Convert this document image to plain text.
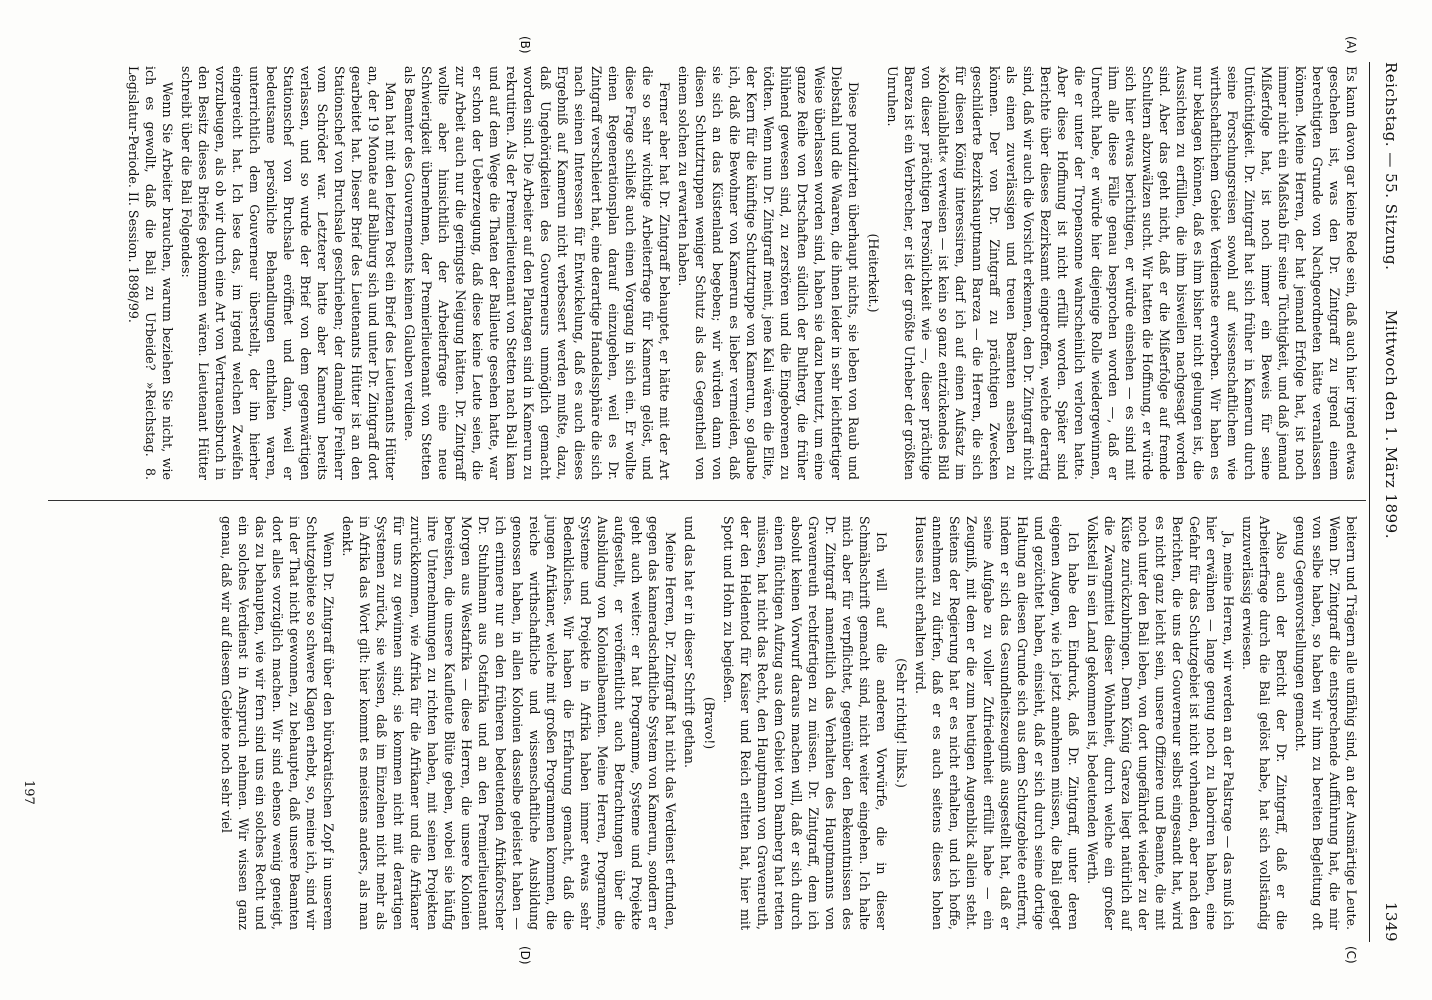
Reichstag. — 55. Sitzung.
Mittwoch den 1. März 1899.
1349
(A)
(B)
(C)
(D)

Es kann davon gar keine Rede sein, daß auch hier irgend etwas geschehen ist, was den Dr. Zintgraff zu irgend einem berechtigten Grunde von Nachgeordneten hätte veranlassen können. Meine Herren, der hat jemand Erfolge hat, ist noch immer nicht ein Maßstab für seine Tüchtigkeit, und daß jemand Mißerfolge hat, ist noch immer ein Beweis für seine Untüchtigkeit. Dr. Zintgraff hat sich früher in Kamerun durch seine Forschungsreisen sowohl auf wissenschaftlichem wie wirthschaftlichem Gebiet Verdienste erworben. Wir haben es nur beklagen können, daß es ihm bisher nicht gelungen ist, die Aussichten zu erfüllen, die ihm bisweilen nachgesagt worden sind. Aber das geht nicht, daß er die Mißerfolge auf fremde Schultern abzuwälzen sucht. Wir hatten die Hoffnung, er würde sich hier etwas berichtigen, er würde einsehen — es sind mit ihm alle diese Fälle genau besprochen worden —, daß er Unrecht habe, er würde hier diejenige Rolle wiedergewinnen, die er unter der Tropensonne wahrscheinlich verloren hatte. Aber diese Hoffnung ist nicht erfüllt worden. Später sind Berichte über dieses Bezirksamt eingetroffen, welche derartig sind, daß wir auch die Vorsicht erkennen, den Dr. Zintgraff nicht als einen zuverlässigen und treuen Beamten ansehen zu können. Der von Dr. Zintgraff zu prächtigen Zwecken geschilderte Bezirkshauptmann Bareza — die Herren, die sich für diesen König interessiren, darf ich auf einen Aufsatz im »Kolonialblatt« verweisen — ist kein so ganz entzückendes Bild von dieser prächtigen Persönlichkeit wie —, dieser prächtige Bareza ist ein Verbrecher, er ist der größte Urheber der größten Unruhen.

(Heiterkeit.)

Diese produzirten überhaupt nichts, sie leben von Raub und Diebstahl und die Waaren, die ihnen leider in sehr leichtfertiger Weise überlassen worden sind, haben sie dazu benutzt, um eine ganze Reihe von Drtschaften südlich der Bultherg, die früher blühend gewesen sind, zu zerstören und die Eingeborenen zu tödten. Wenn nun Dr. Zintgraff meint, jene Kali wären die Elite, der Kern für die künftige Schutztruppe von Kamerun, so glaube ich, daß die Bewohner von Kamerun es lieber vermeiden, daß sie sich an das Küstenland begeben; wir würden dann von diesen Schutztruppen weniger Schutz als das Gegentheil von einem solchen zu erwarten haben.

Ferner aber hat Dr. Zintgraff behauptet, er hätte mit der Art die so sehr wichtige Arbeiterfrage für Kamerun gelöst, und diese Frage schließt auch einen Vorgang in sich ein. Er wollte einen Regenerationsplan darauf einzugehen, weil es Dr. Zintgraff verschleiert hat, eine derartige Handelssphäre die sich nach seinen Interessen für Entwickelung, daß es auch dieses Ergebniß auf Kamerun nicht verbessert werden mußte, dazu, daß Ungehörigkeiten des Gouverneurs unmöglich gemacht worden sind. Die Arbeiter auf den Plantagen sind in Kamerun zu rekrutiren. Als der Premierlieutenant von Stetten nach Bali kam und auf dem Wege die Thaten der Balileute gesehen hatte, war er schon der Ueberzeugung, daß diese keine Leute seien, die zur Arbeit auch nur die geringste Neigung hätten. Dr. Zintgraff wollte aber hinsichtlich der Arbeiterfrage eine neue Schwierigkeit übernehmen, der Premierlieutenant von Stetten als Beamter des Gouvernements keinen Glauben verdiene.

Man hat mit den letzten Post ein Brief des Lieutenants Hütter an, der 19 Monate auf Baliburg sich und unter Dr. Zintgraff dort gearbeitet hat. Dieser Brief des Lieutenants Hütter ist an den Stationschef von Bruchsale geschrieben; der damalige Freiherr vom Schröder war. Letzterer hatte aber Kamerun bereits verlassen, und so wurde der Brief von dem gegenwärtigen Stationschef von Bruchsale eröffnet und dann, weil er bedeutsame persönliche Behandlungen enthalten waren, unterrichtlich dem Gouverneur überstellt, der ihn hierher eingereicht hat. Ich lese das, im irgend welchen Zweifeln vorzubeugen, als ob wir durch eine Art von Vertrauensbruch in den Besitz dieses Briefes gekommen wären. Lieutenant Hütter schreibt über die Bali Folgendes:

Wenn Sie Arbeiter brauchen, warum beziehen Sie nicht, wie ich es gewollt, daß die Bali zu Urbeide? »Reichstag. 8. Legislatur-Periode. II. Session. 1898/99.

beitern und Trägern alle unfähig sind, an der Ausmärtige Leute. Wenn Dr. Zintgraff die entsprechende Aufführung hat, die mir von selbe haben, so haben wir ihm zu bereiten Begleitung oft genug Gegenvorstellungen gemacht.

Also auch der Bericht der Dr. Zintgraff, daß er die Arbeiterfrage durch die Bali gelöst habe, hat sich vollständig unzuverlässig erwiesen.

Ja, meine Herren, wir werden an der Palstrage — das muß ich hier erwähnen — lange genug noch zu laboriren haben, eine Gefahr für das Schutzgebiet ist nicht vorhanden, aber nach den Berichten, die uns der Gouverneur selbst eingesandt hat, wird es nicht ganz leicht sein, unsere Offiziere und Beamte, die mit noch unter den Bali leben, von dort ungefährdet wieder zu der Küste zurückzubringen. Denn König Gareza liegt natürlich auf die Zwangmittel dieser Wohnheit, durch welche ein großer Volksteil in sein Land gekommen ist, bedeutenden Werth.

Ich habe den Eindruck, daß Dr. Zintgraff, unter deren eigenen Augen, wie ich jetzt annehmen müssen, die Bali gelegt und gezüchtet haben, einsieht, daß er sich durch seine dortige Haltung an diesen Grunde sich aus dem Schutzgebiete entfernt, indem er sich das Gesundheitszeugniß ausgestellt hat, daß er seine Aufgabe zu voller Zufriedenheit erfüllt habe — ein Zeugniß, mit dem er die zum heutigen Augenblick allein steht. Seitens der Regierung hat er es nicht erhalten, und ich hoffe, annehmen zu dürfen, daß er es auch seitens dieses hohen Hauses nicht erhalten wird.

(Sehr richtig! links.)

Ich will auf die anderen Vorwürfe, die in dieser Schmähschrift gemacht sind, nicht weiter eingehen. Ich halte mich aber für verpflichtet, gegenüber den Bekenntnissen des Dr. Zintgraff namentlich das Verhalten des Hauptmanns von Gravenreuth rechtfertigen zu müssen. Dr. Zintgraff, dem ich absolut keinen Vorwurf daraus machen will, daß er sich durch einen flüchtigen Aufzug aus dem Gebiet von Bamberg hat retten müssen, hat nicht das Recht, den Hauptmann von Gravenreuth, der den Heldentod für Kaiser und Reich erlitten hat, hier mit Spott und Hohn zu begießen.

(Bravo!)

und das hat er in dieser Schrift gethan.

Meine Herren, Dr. Zintgraff hat nicht das Verdienst erfunden, gegen das kameradschaftliche System von Kamerun, sondern er geht auch weiter: er hat Programme, Systeme und Projekte aufgestellt, er veröffentlicht auch Betrachtungen über die Ausbildung von Kolonialbeamten. Meine Herren, Programme, Systeme und Projekte in Afrika haben immer etwas sehr Bedenkliches. Wir haben die Erfahrung gemacht, daß die jungen Afrikaner, welche mit großen Programmen kommen, die reiche wirthschaftliche und wissenschaftliche Ausbildung genossen haben, in allen Kolonien dasselbe geleistet haben — ich erinnere nur an den früheren bedeutenden Afrikaforscher Dr. Stuhlmann aus Ostafrika und an den Premierlieutenant Morgen aus Westafrika — diese Herren, die unsere Kolonien bereisten, die unsere Kaufleute Blüte geben, wobei sie häufig ihre Unternehmungen zu richten haben, mit seinen Projekten zurückkommen, wie Afrika für die Afrikaner und die Afrikaner für uns zu gewinnen sind; sie kommen nicht mit derartigen Systemen zurück, sie wissen, daß im Einzelnen nicht mehr als in Afrika das Wort gilt: hier kommt es meistens anders, als man denkt.

Wenn Dr. Zintgraff über den bürokratischen Zopf in unserem Schutzgebiete so schwere Klagen erhebt, so, meine ich, sind wir in der That nicht gewonnen, zu behaupten, daß unsere Beamten dort alles vorzüglich machen. Wir sind ebenso wenig geneigt, das zu behaupten, wie wir fern sind uns ein solches Recht und ein solches Verdienst in Anspruch nehmen. Wir wissen ganz genau, daß wir auf diesem Gebiete noch sehr viel

197
